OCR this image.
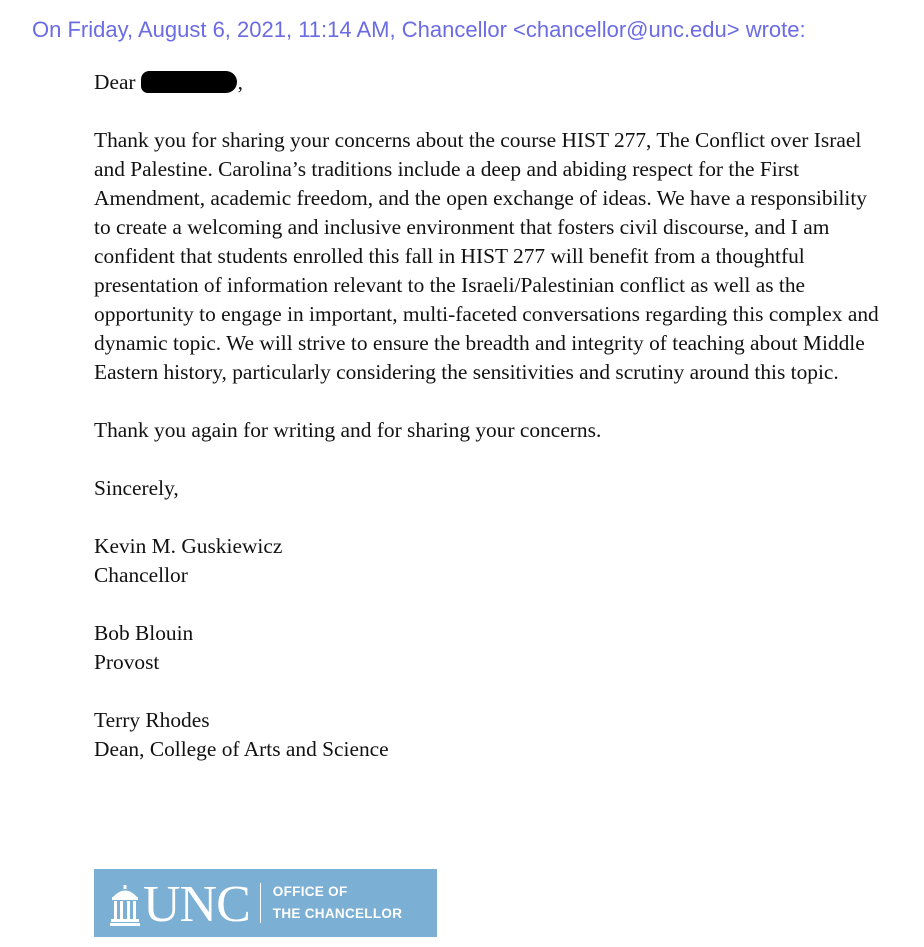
On Friday, August 6, 2021, 11:14 AM, Chancellor <chancellor@unc.edu> wrote:

Dear	,

Thank you for sharing your concerns about the course HIST 277, The Conflict over Israel and Palestine. Carolina’s traditions include a deep and abiding respect for the First Amendment, academic freedom, and the open exchange of ideas. We have a responsibility to create a welcoming and inclusive environment that fosters civil discourse, and I am confident that students enrolled this fall in HIST 277 will benefit from a thoughtful presentation of information relevant to the Israeli/Palestinian conflict as well as the opportunity to engage in important, multi-faceted conversations regarding this complex and dynamic topic. We will strive to ensure the breadth and integrity of teaching about Middle Eastern history, particularly considering the sensitivities and scrutiny around this topic.

Thank you again for writing and for sharing your concerns.

Sincerely,

Kevin M. Guskiewicz
Chancellor
Bob Blouin
Provost
Terry Rhodes
Dean, College of Arts and Science
UNC OFFICE OF
THE CHANCELLOR
